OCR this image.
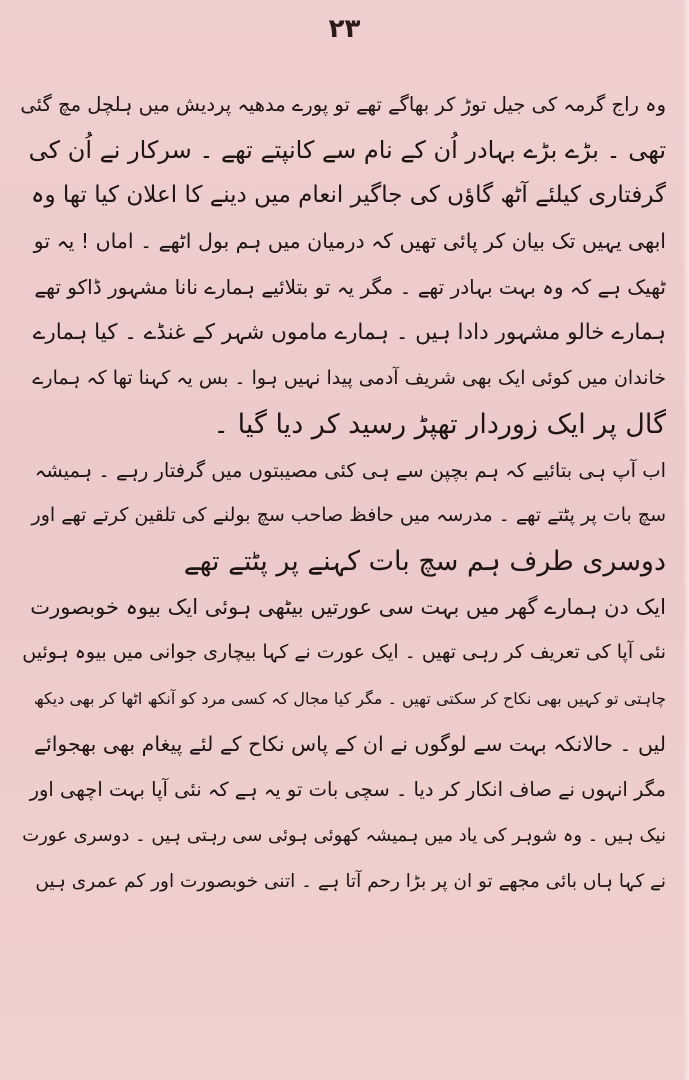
۲۳
وہ راج گرمہ کی جیل توڑ کر بھاگے تھے تو پورے مدھیہ پردیش میں ہلچل مچ گئی
تھی ۔ بڑے بڑے بہادر اُن کے نام سے کانپتے تھے ۔ سرکار نے اُن کی
گرفتاری کیلئے آٹھ گاؤں کی جاگیر انعام میں دینے کا اعلان کیا تھا وہ
ابھی یہیں تک بیان کر پائی تھیں کہ درمیان میں ہم بول اٹھے ۔ اماں ! یہ تو
ٹھیک ہے کہ وہ بہت بہادر تھے ۔ مگر یہ تو بتلائیے ہمارے نانا مشہور ڈاکو تھے
ہمارے خالو مشہور دادا ہیں ۔ ہمارے ماموں شہر کے غنڈے ۔ کیا ہمارے
خاندان میں کوئی ایک بھی شریف آدمی پیدا نہیں ہوا ۔ بس یہ کہنا تھا کہ ہمارے
گال پر ایک زوردار تھپڑ رسید کر دیا گیا ۔
اب آپ ہی بتائیے کہ ہم بچپن سے ہی کئی مصیبتوں میں گرفتار رہے ۔ ہمیشہ
سچ بات پر پٹتے تھے ۔ مدرسہ میں حافظ صاحب سچ بولنے کی تلقین کرتے تھے اور
دوسری طرف ہم سچ بات کہنے پر پٹتے تھے
ایک دن ہمارے گھر میں بہت سی عورتیں بیٹھی ہوئی ایک بیوہ خوبصورت
نئی آپا کی تعریف کر رہی تھیں ۔ ایک عورت نے کہا بیچاری جوانی میں بیوہ ہوئیں
چاہتی تو کہیں بھی نکاح کر سکتی تھیں ۔ مگر کیا مجال کہ کسی مرد کو آنکھ اٹھا کر بھی دیکھ
لیں ۔ حالانکہ بہت سے لوگوں نے ان کے پاس نکاح کے لئے پیغام بھی بھجوائے
مگر انہوں نے صاف انکار کر دیا ۔ سچی بات تو یہ ہے کہ نئی آپا بہت اچھی اور
نیک ہیں ۔ وہ شوہر کی یاد میں ہمیشہ کھوئی ہوئی سی رہتی ہیں ۔ دوسری عورت
نے کہا ہاں بائی مجھے تو ان پر بڑا رحم آتا ہے ۔ اتنی خوبصورت اور کم عمری ہیں
